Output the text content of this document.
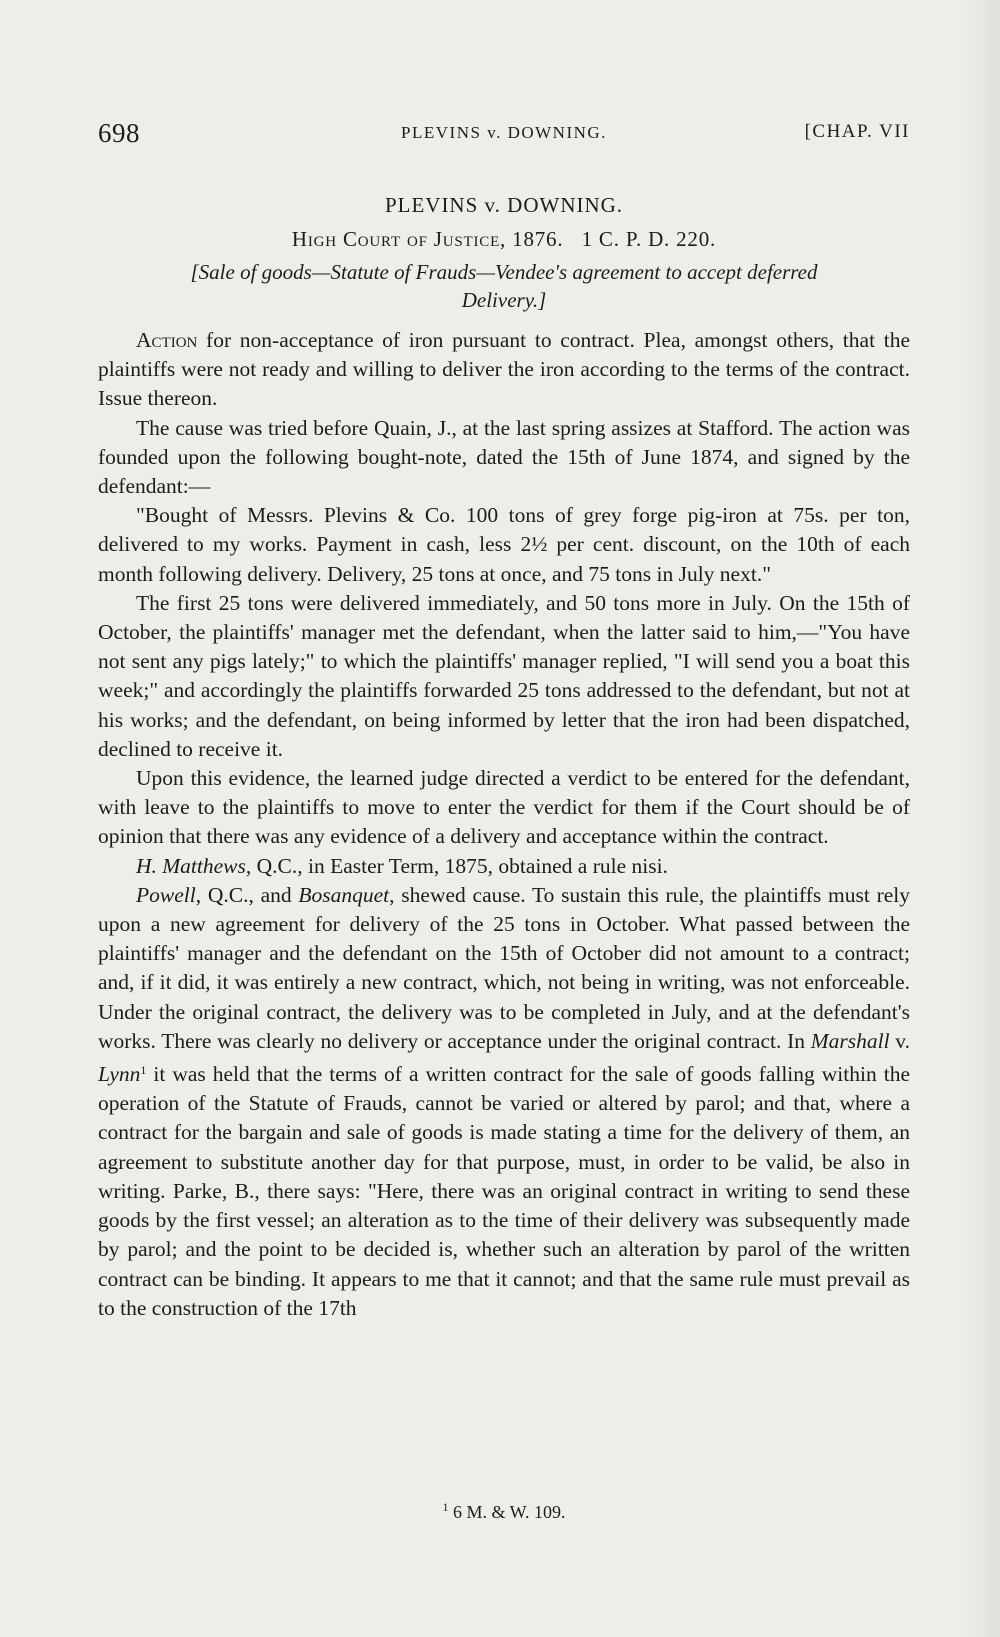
698	PLEVINS v. DOWNING.	[CHAP. VII

PLEVINS v. DOWNING.

High Court of Justice, 1876. 1 C. P. D. 220.

[Sale of goods—Statute of Frauds—Vendee's agreement to accept deferred Delivery.]

Action for non-acceptance of iron pursuant to contract. Plea, amongst others, that the plaintiffs were not ready and willing to deliver the iron according to the terms of the contract. Issue thereon.

The cause was tried before Quain, J., at the last spring assizes at Stafford. The action was founded upon the following bought-note, dated the 15th of June 1874, and signed by the defendant:—

"Bought of Messrs. Plevins & Co. 100 tons of grey forge pig-iron at 75s. per ton, delivered to my works. Payment in cash, less 2½ per cent. discount, on the 10th of each month following delivery. Delivery, 25 tons at once, and 75 tons in July next."

The first 25 tons were delivered immediately, and 50 tons more in July. On the 15th of October, the plaintiffs' manager met the defendant, when the latter said to him,—"You have not sent any pigs lately;" to which the plaintiffs' manager replied, "I will send you a boat this week;" and accordingly the plaintiffs forwarded 25 tons addressed to the defendant, but not at his works; and the defendant, on being informed by letter that the iron had been dispatched, declined to receive it.

Upon this evidence, the learned judge directed a verdict to be entered for the defendant, with leave to the plaintiffs to move to enter the verdict for them if the Court should be of opinion that there was any evidence of a delivery and acceptance within the contract.

H. Matthews, Q.C., in Easter Term, 1875, obtained a rule nisi.

Powell, Q.C., and Bosanquet, shewed cause. To sustain this rule, the plaintiffs must rely upon a new agreement for delivery of the 25 tons in October. What passed between the plaintiffs' manager and the defendant on the 15th of October did not amount to a contract; and, if it did, it was entirely a new contract, which, not being in writing, was not enforceable. Under the original contract, the delivery was to be completed in July, and at the defendant's works. There was clearly no delivery or acceptance under the original contract. In Marshall v. Lynn$^1$ it was held that the terms of a written contract for the sale of goods falling within the operation of the Statute of Frauds, cannot be varied or altered by parol; and that, where a contract for the bargain and sale of goods is made stating a time for the delivery of them, an agreement to substitute another day for that purpose, must, in order to be valid, be also in writing. Parke, B., there says: "Here, there was an original contract in writing to send these goods by the first vessel; an alteration as to the time of their delivery was subsequently made by parol; and the point to be decided is, whether such an alteration by parol of the written contract can be binding. It appears to me that it cannot; and that the same rule must prevail as to the construction of the 17th

$^1$ 6 M. & W. 109.
